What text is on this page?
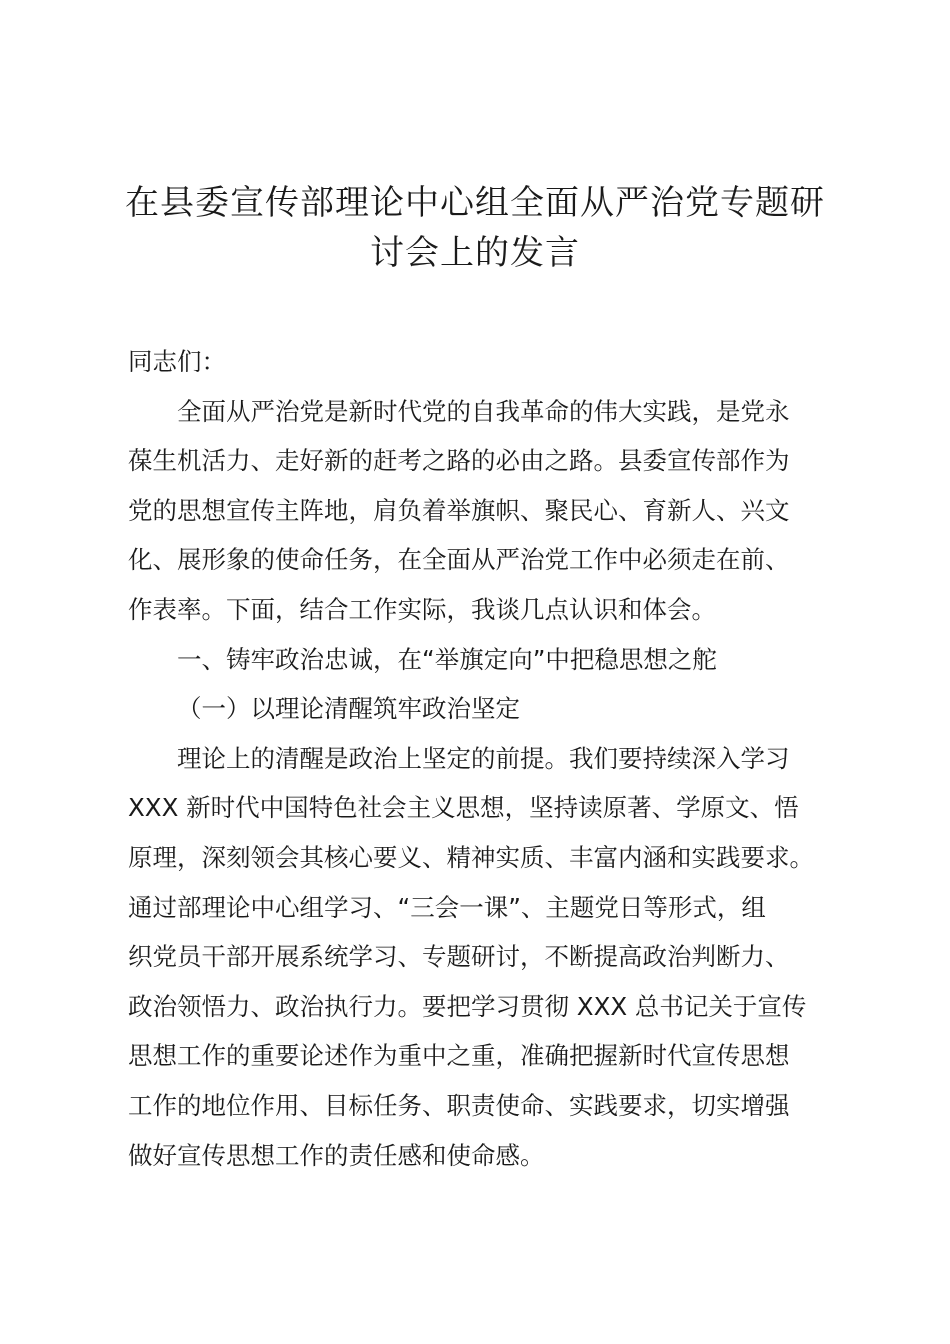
在县委宣传部理论中心组全面从严治党专题研
讨会上的发言

同志们：

全面从严治党是新时代党的自我革命的伟大实践，是党永
葆生机活力、走好新的赶考之路的必由之路。县委宣传部作为
党的思想宣传主阵地，肩负着举旗帜、聚民心、育新人、兴文
化、展形象的使命任务，在全面从严治党工作中必须走在前、
作表率。下面，结合工作实际，我谈几点认识和体会。

一、铸牢政治忠诚，在“举旗定向”中把稳思想之舵

（一）以理论清醒筑牢政治坚定

理论上的清醒是政治上坚定的前提。我们要持续深入学习
XXX 新时代中国特色社会主义思想，坚持读原著、学原文、悟
原理，深刻领会其核心要义、精神实质、丰富内涵和实践要求。
通过部理论中心组学习、“三会一课”、主题党日等形式，组
织党员干部开展系统学习、专题研讨，不断提高政治判断力、
政治领悟力、政治执行力。要把学习贯彻 XXX 总书记关于宣传
思想工作的重要论述作为重中之重，准确把握新时代宣传思想
工作的地位作用、目标任务、职责使命、实践要求，切实增强
做好宣传思想工作的责任感和使命感。
